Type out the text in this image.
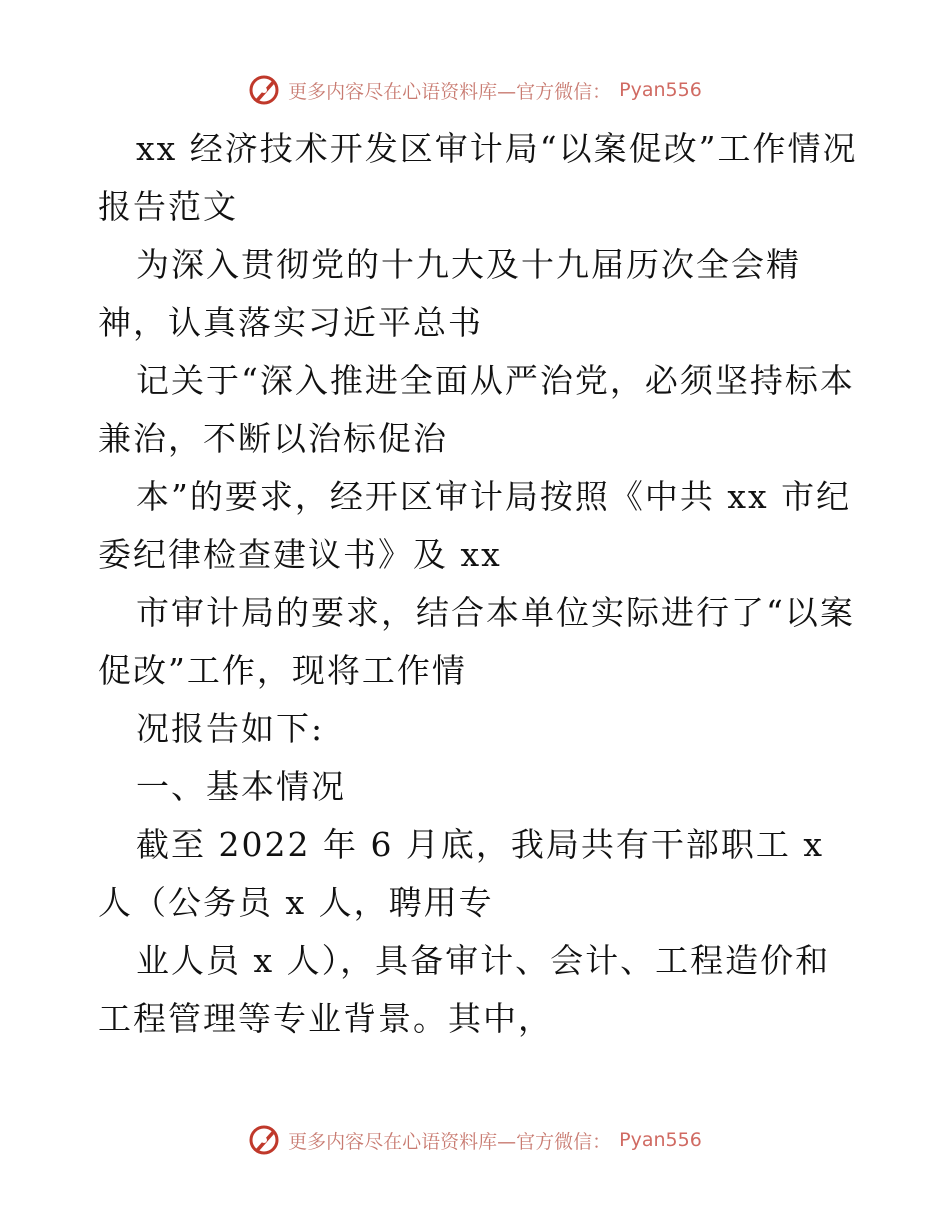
更多内容尽在心语资料库—官方微信： Pyan556

xx 经济技术开发区审计局“以案促改”工作情况报告范文

为深入贯彻党的十九大及十九届历次全会精神，认真落实习近平总书

记关于“深入推进全面从严治党，必须坚持标本兼治，不断以治标促治

本”的要求，经开区审计局按照《中共 xx 市纪委纪律检查建议书》及 xx

市审计局的要求，结合本单位实际进行了“以案促改”工作，现将工作情

况报告如下:

一、基本情况

截至 2022 年 6 月底，我局共有干部职工 x 人（公务员 x 人，聘用专

业人员 x 人），具备审计、会计、工程造价和工程管理等专业背景。其中，

更多内容尽在心语资料库—官方微信： Pyan556
